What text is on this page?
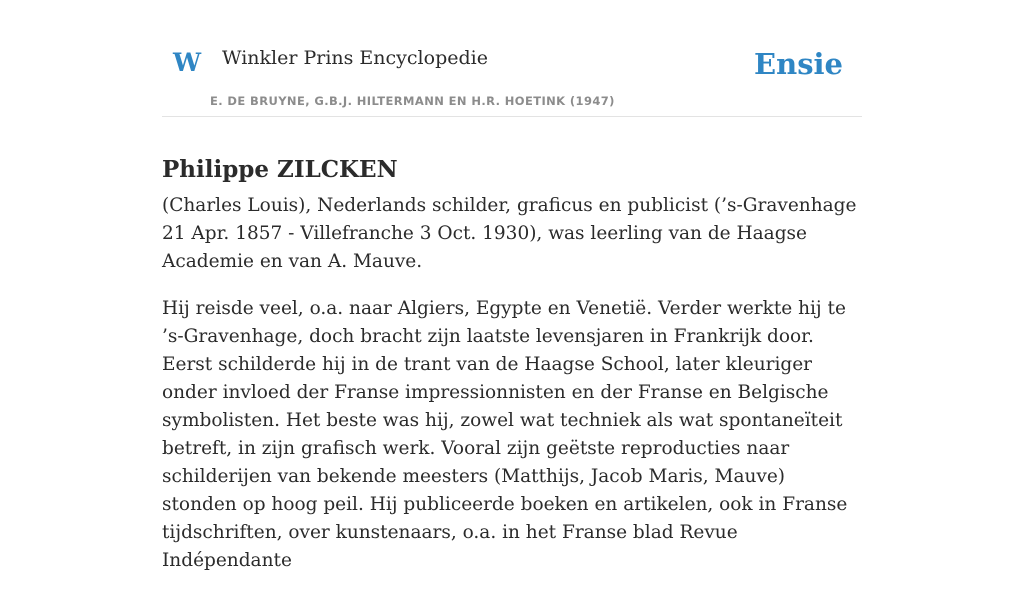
W Winkler Prins Encyclopedie
E. DE BRUYNE, G.B.J. HILTERMANN EN H.R. HOETINK (1947)
Ensie
Philippe ZILCKEN

(Charles Louis), Nederlands schilder, graficus en publicist (’s-Gravenhage 21 Apr. 1857 - Villefranche 3 Oct. 1930), was leerling van de Haagse Academie en van A. Mauve.

Hij reisde veel, o.a. naar Algiers, Egypte en Venetië. Verder werkte hij te ’s-Gravenhage, doch bracht zijn laatste levensjaren in Frankrijk door. Eerst schilderde hij in de trant van de Haagse School, later kleuriger onder invloed der Franse impressionnisten en der Franse en Belgische symbolisten. Het beste was hij, zowel wat techniek als wat spontaneïteit betreft, in zijn grafisch werk. Vooral zijn geëtste reproducties naar schilderijen van bekende meesters (Matthijs, Jacob Maris, Mauve) stonden op hoog peil. Hij publiceerde boeken en artikelen, ook in Franse tijdschriften, over kunstenaars, o.a. in het Franse blad Revue Indépendante
